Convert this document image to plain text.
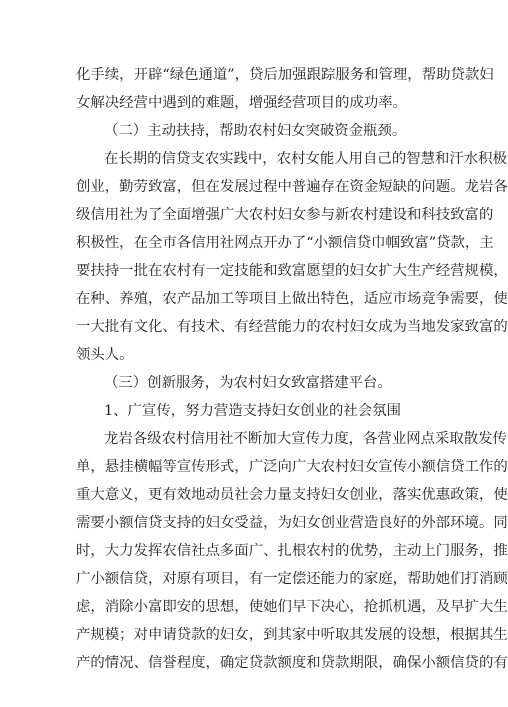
化手续，开辟“绿色通道”，贷后加强跟踪服务和管理，帮助贷款妇
女解决经营中遇到的难题，增强经营项目的成功率。
（二）主动扶持，帮助农村妇女突破资金瓶颈。
在长期的信贷支农实践中，农村女能人用自己的智慧和汗水积极
创业，勤劳致富，但在发展过程中普遍存在资金短缺的问题。龙岩各
级信用社为了全面增强广大农村妇女参与新农村建设和科技致富的
积极性，在全市各信用社网点开办了“小额信贷巾帼致富”贷款，主
要扶持一批在农村有一定技能和致富愿望的妇女扩大生产经营规模，
在种、养殖，农产品加工等项目上做出特色，适应市场竞争需要，使
一大批有文化、有技术、有经营能力的农村妇女成为当地发家致富的
领头人。
（三）创新服务，为农村妇女致富搭建平台。
1、广宣传，努力营造支持妇女创业的社会氛围
龙岩各级农村信用社不断加大宣传力度，各营业网点采取散发传
单，悬挂横幅等宣传形式，广泛向广大农村妇女宣传小额信贷工作的
重大意义，更有效地动员社会力量支持妇女创业，落实优惠政策，使
需要小额信贷支持的妇女受益，为妇女创业营造良好的外部环境。同
时，大力发挥农信社点多面广、扎根农村的优势，主动上门服务，推
广小额信贷，对原有项目，有一定偿还能力的家庭，帮助她们打消顾
虑，消除小富即安的思想，使她们早下决心，抢抓机遇，及早扩大生
产规模；对申请贷款的妇女，到其家中听取其发展的设想，根据其生
产的情况、信誉程度，确定贷款额度和贷款期限，确保小额信贷的有
